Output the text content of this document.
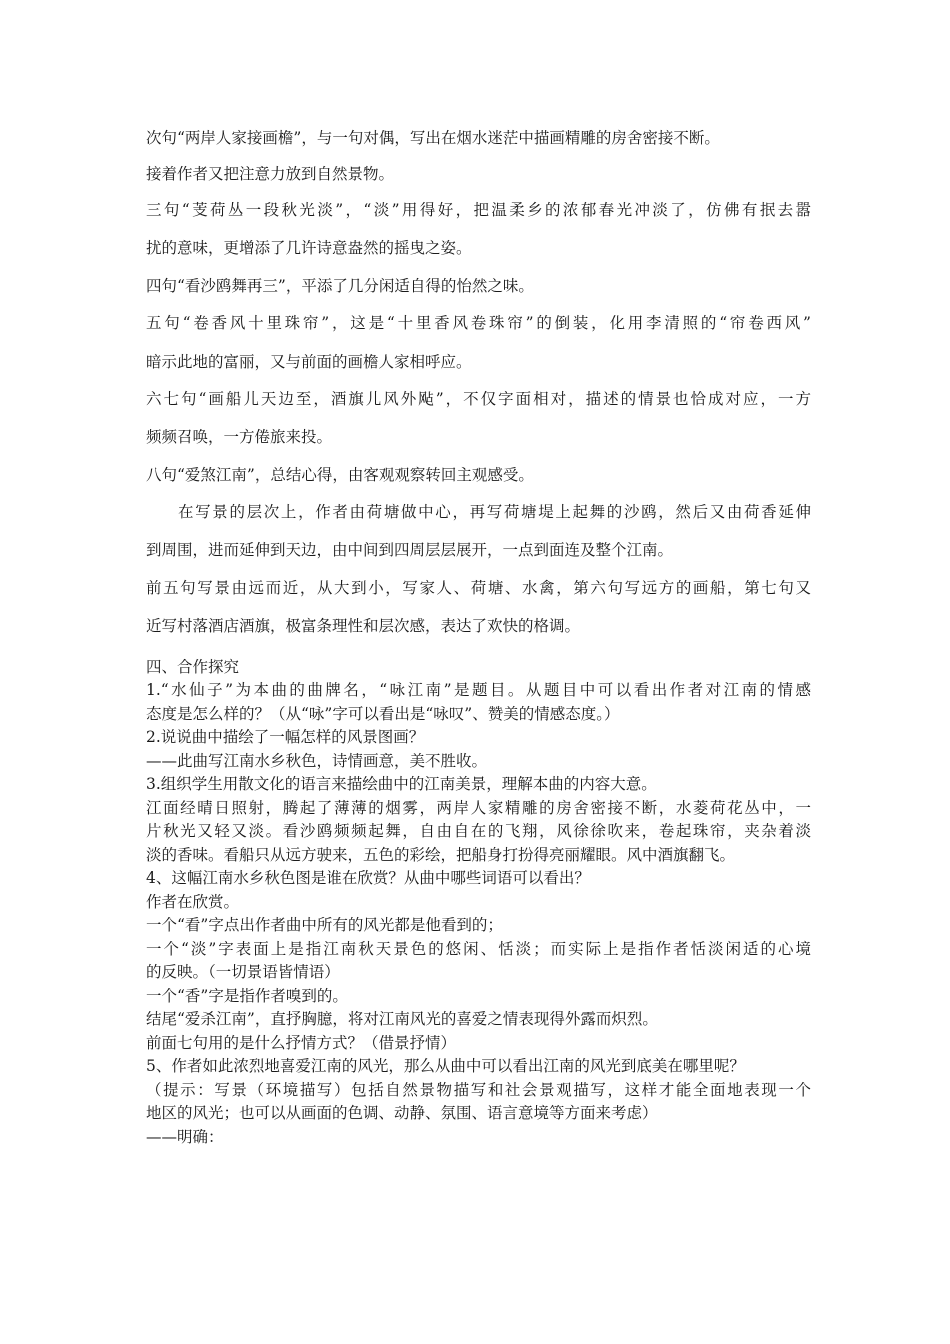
次句“两岸人家接画檐”，与一句对偶，写出在烟水迷茫中描画精雕的房舍密接不断。
接着作者又把注意力放到自然景物。
三句“芰荷丛一段秋光淡”，“淡”用得好，把温柔乡的浓郁春光冲淡了，仿佛有抿去嚣
扰的意味，更增添了几许诗意盎然的摇曳之姿。
四句“看沙鸥舞再三”，平添了几分闲适自得的怡然之味。
五句“卷香风十里珠帘”，这是“十里香风卷珠帘”的倒装，化用李清照的“帘卷西风”
暗示此地的富丽，又与前面的画檐人家相呼应。
六七句“画船儿天边至，酒旗儿风外飐”，不仅字面相对，描述的情景也恰成对应，一方
频频召唤，一方倦旅来投。
八句“爱煞江南”，总结心得，由客观观察转回主观感受。
在写景的层次上，作者由荷塘做中心，再写荷塘堤上起舞的沙鸥，然后又由荷香延伸
到周围，进而延伸到天边，由中间到四周层层展开，一点到面连及整个江南。
前五句写景由远而近，从大到小，写家人、荷塘、水禽，第六句写远方的画船，第七句又
近写村落酒店酒旗，极富条理性和层次感，表达了欢快的格调。
四、合作探究
1.“水仙子”为本曲的曲牌名，“咏江南”是题目。从题目中可以看出作者对江南的情感
态度是怎么样的？（从“咏”字可以看出是“咏叹”、赞美的情感态度。）
2.说说曲中描绘了一幅怎样的风景图画？
——此曲写江南水乡秋色，诗情画意，美不胜收。
3.组织学生用散文化的语言来描绘曲中的江南美景，理解本曲的内容大意。
江面经晴日照射，腾起了薄薄的烟雾，两岸人家精雕的房舍密接不断，水菱荷花丛中，一
片秋光又轻又淡。看沙鸥频频起舞，自由自在的飞翔，风徐徐吹来，卷起珠帘，夹杂着淡
淡的香味。看船只从远方驶来，五色的彩绘，把船身打扮得亮丽耀眼。风中酒旗翻飞。
4、这幅江南水乡秋色图是谁在欣赏？从曲中哪些词语可以看出？
作者在欣赏。
一个“看”字点出作者曲中所有的风光都是他看到的；
一个“淡”字表面上是指江南秋天景色的悠闲、恬淡；而实际上是指作者恬淡闲适的心境
的反映。（一切景语皆情语）
一个“香”字是指作者嗅到的。
结尾“爱杀江南”，直抒胸臆，将对江南风光的喜爱之情表现得外露而炽烈。
前面七句用的是什么抒情方式？（借景抒情）
5、作者如此浓烈地喜爱江南的风光，那么从曲中可以看出江南的风光到底美在哪里呢？
（提示：写景（环境描写）包括自然景物描写和社会景观描写，这样才能全面地表现一个
地区的风光；也可以从画面的色调、动静、氛围、语言意境等方面来考虑）
——明确：
